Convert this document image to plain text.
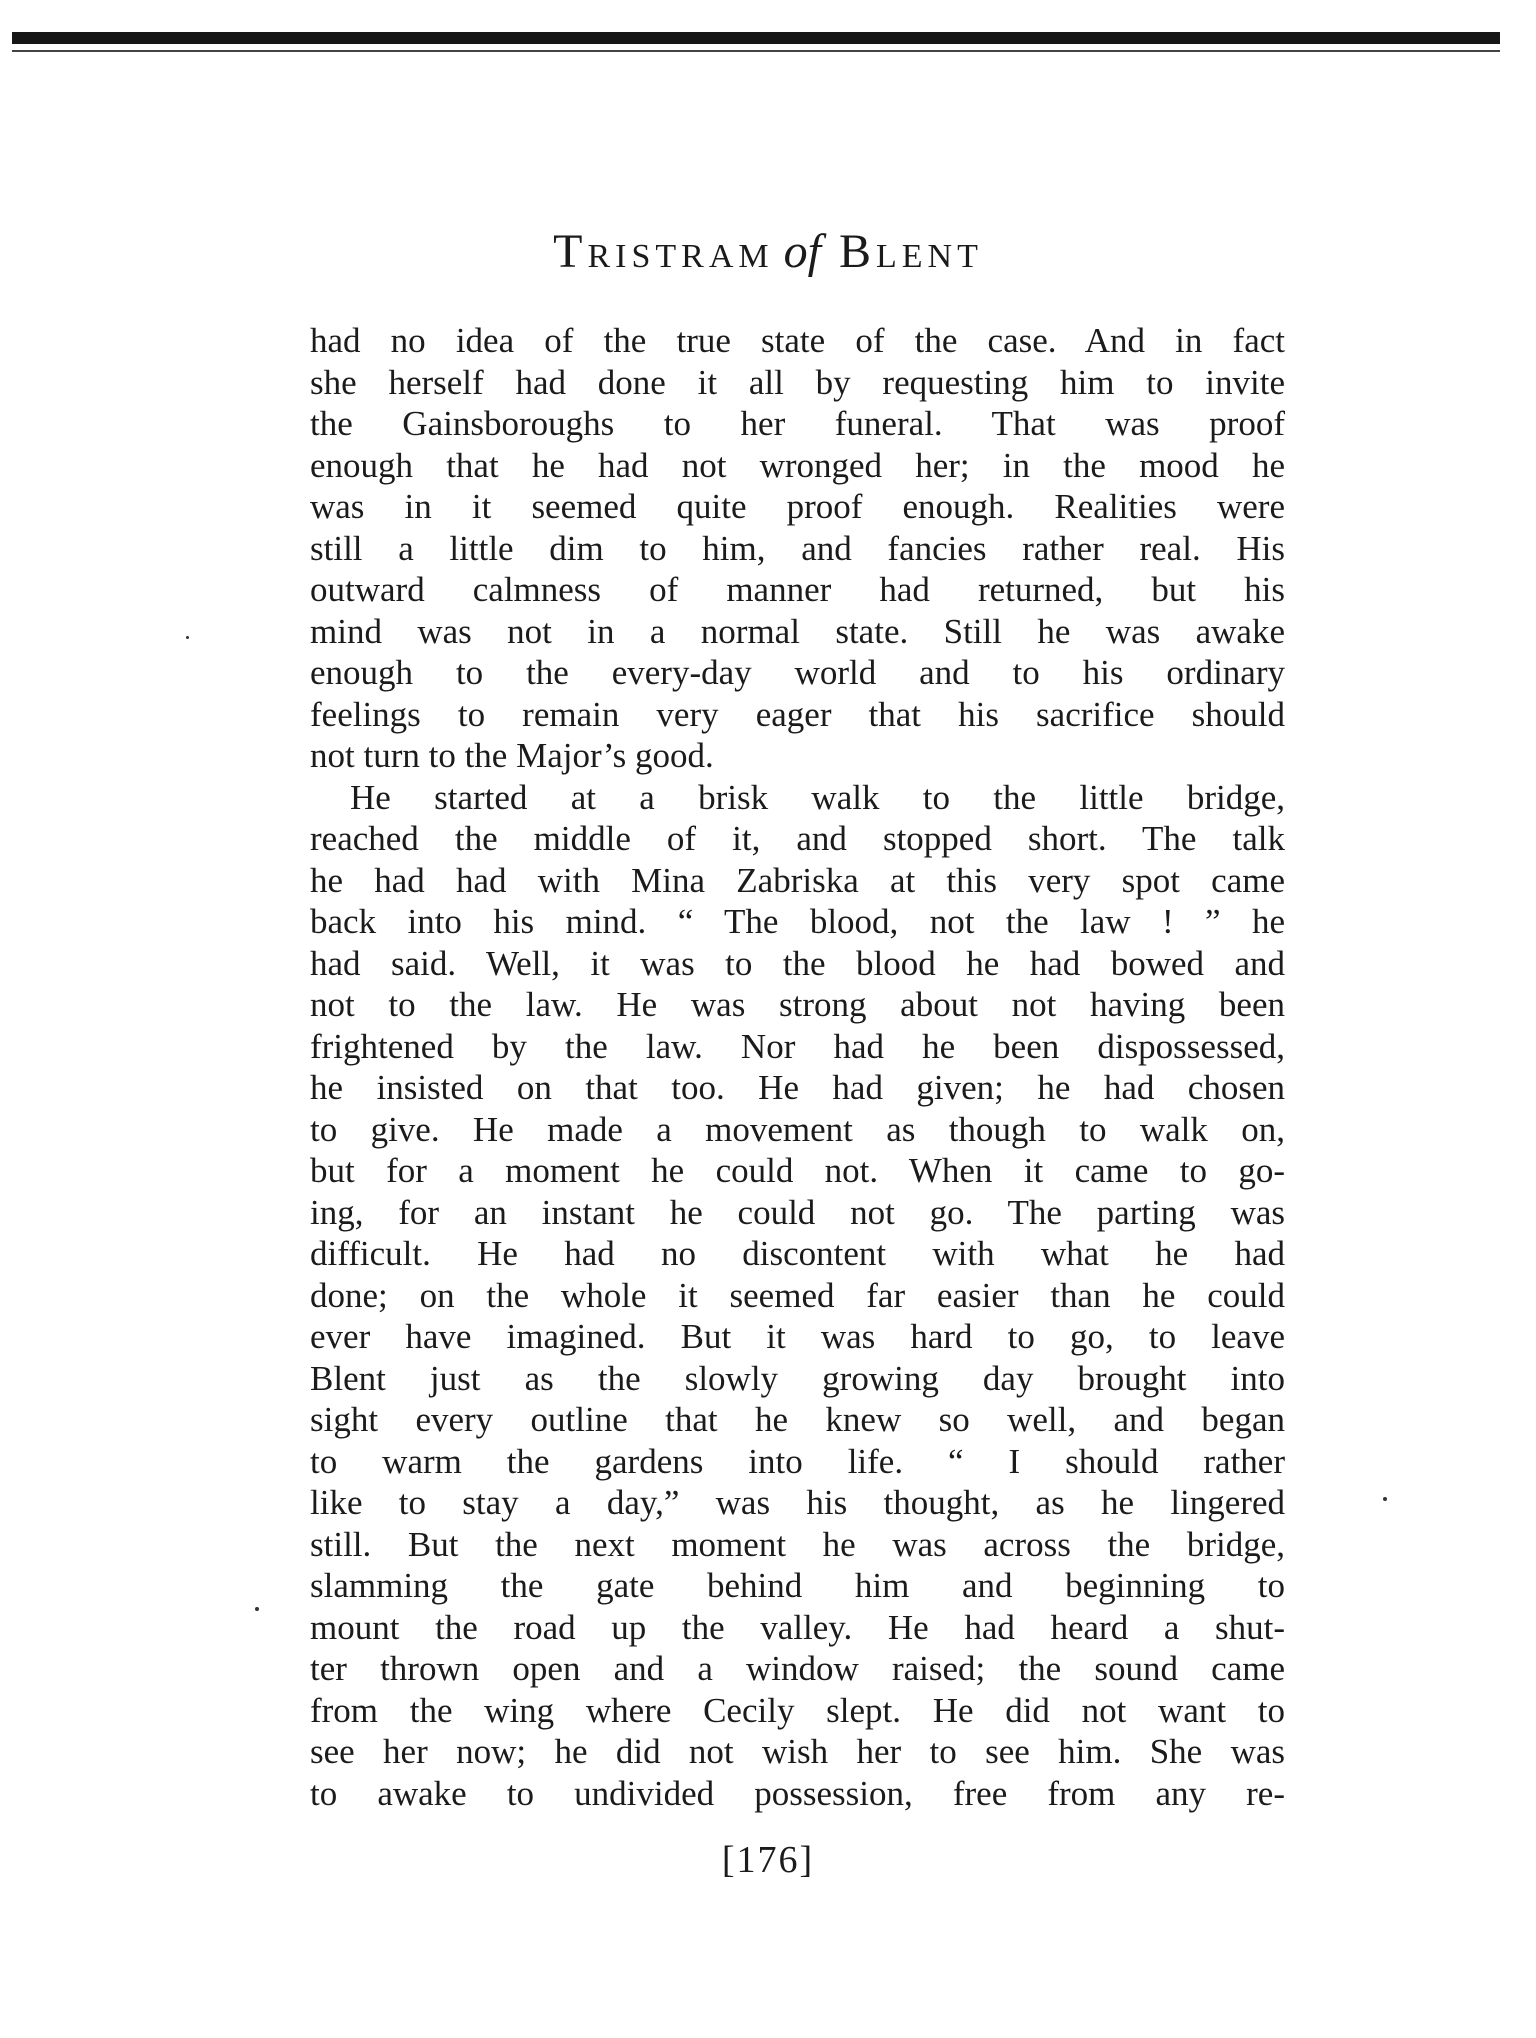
Tristram of Blent
had no idea of the true state of the case. And in fact
she herself had done it all by requesting him to invite
the Gainsboroughs to her funeral. That was proof
enough that he had not wronged her; in the mood he
was in it seemed quite proof enough. Realities were
still a little dim to him, and fancies rather real. His
outward calmness of manner had returned, but his
mind was not in a normal state. Still he was awake
enough to the every-day world and to his ordinary
feelings to remain very eager that his sacrifice should
not turn to the Major’s good.
He started at a brisk walk to the little bridge,
reached the middle of it, and stopped short. The talk
he had had with Mina Zabriska at this very spot came
back into his mind. “ The blood, not the law ! ” he
had said. Well, it was to the blood he had bowed and
not to the law. He was strong about not having been
frightened by the law. Nor had he been dispossessed,
he insisted on that too. He had given; he had chosen
to give. He made a movement as though to walk on,
but for a moment he could not. When it came to go-
ing, for an instant he could not go. The parting was
difficult. He had no discontent with what he had
done; on the whole it seemed far easier than he could
ever have imagined. But it was hard to go, to leave
Blent just as the slowly growing day brought into
sight every outline that he knew so well, and began
to warm the gardens into life. “ I should rather
like to stay a day,” was his thought, as he lingered
still. But the next moment he was across the bridge,
slamming the gate behind him and beginning to
mount the road up the valley. He had heard a shut-
ter thrown open and a window raised; the sound came
from the wing where Cecily slept. He did not want to
see her now; he did not wish her to see him. She was
to awake to undivided possession, free from any re-
[176]
